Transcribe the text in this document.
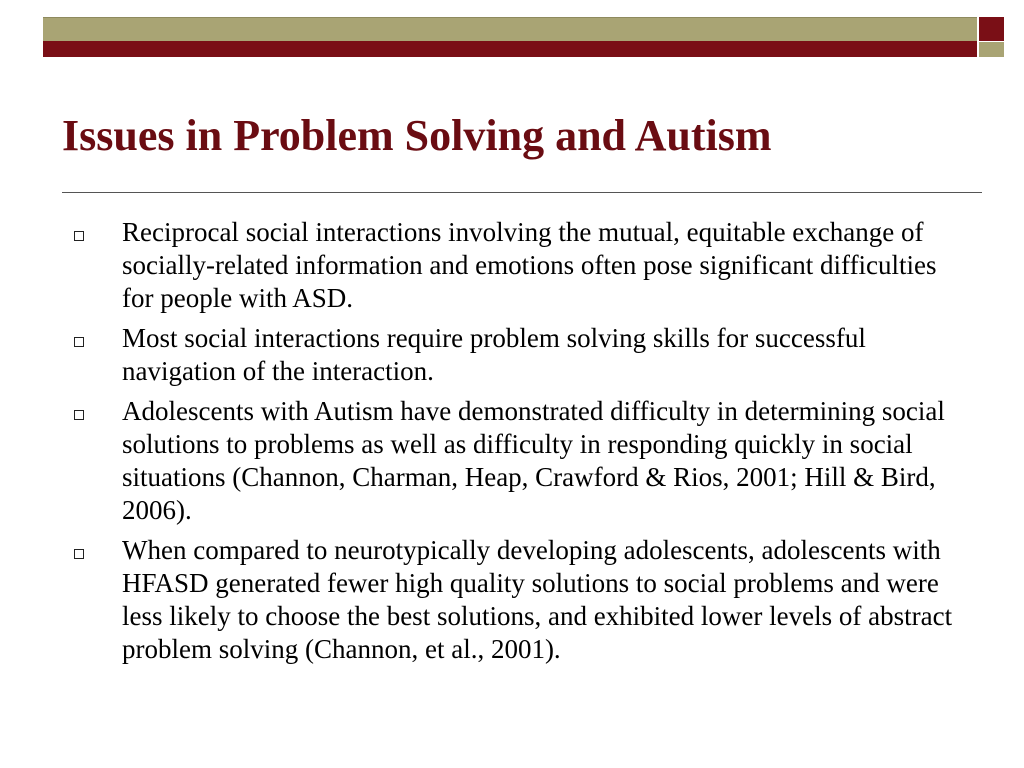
Issues in Problem Solving and Autism
Reciprocal social interactions involving the mutual, equitable exchange of socially-related information and emotions often pose significant difficulties for people with ASD.
Most social interactions require problem solving skills for successful navigation of the interaction.
Adolescents with Autism have demonstrated difficulty in determining social solutions to problems as well as difficulty in responding quickly in social situations (Channon, Charman, Heap, Crawford & Rios, 2001; Hill & Bird, 2006).
When compared to neurotypically developing adolescents, adolescents with HFASD generated fewer high quality solutions to social problems and were less likely to choose the best solutions, and exhibited lower levels of abstract problem solving (Channon, et al., 2001).
